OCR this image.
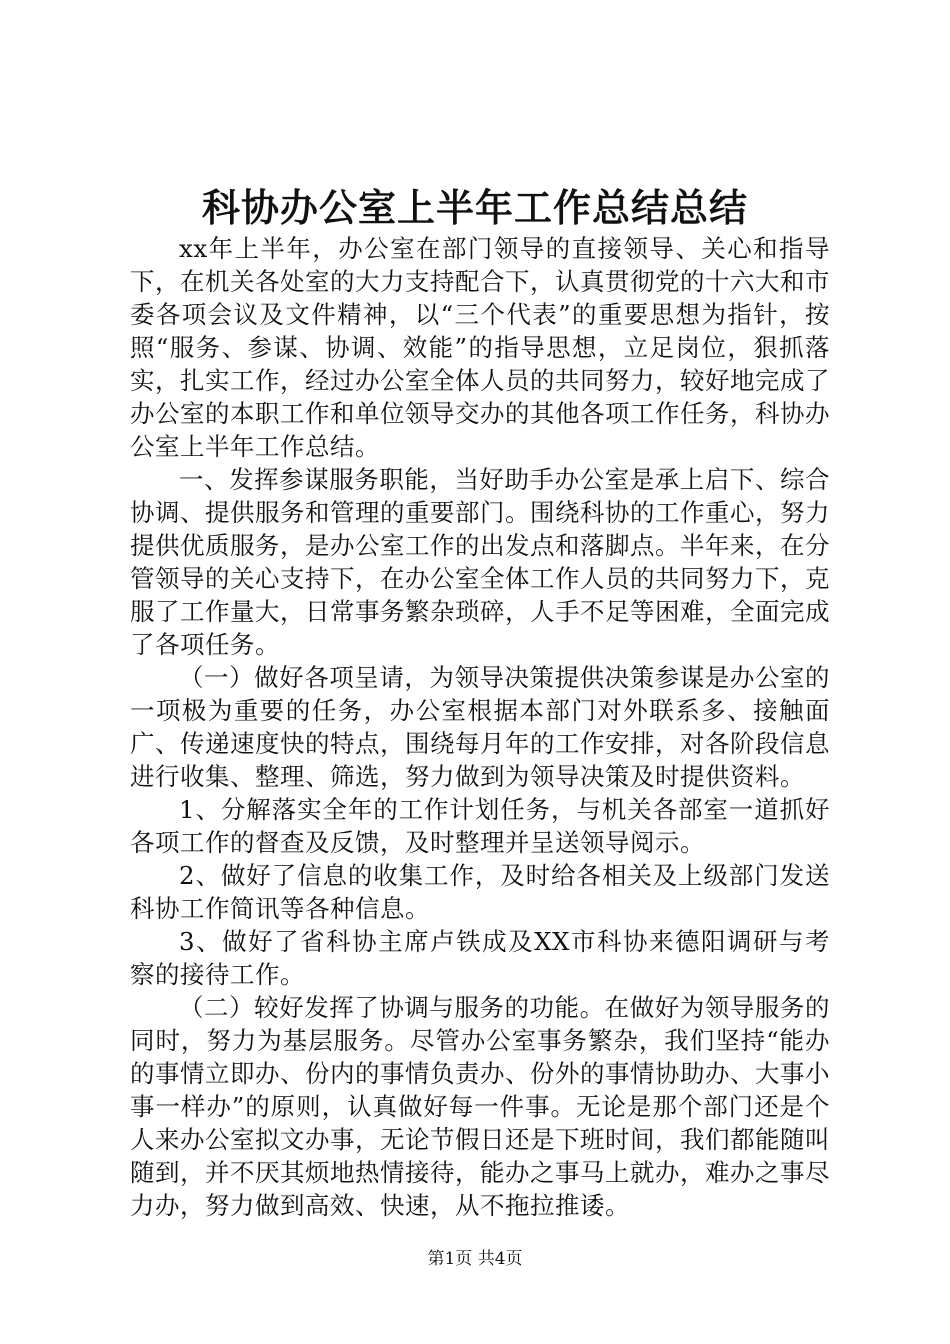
科协办公室上半年工作总结总结

xx年上半年，办公室在部门领导的直接领导、关心和指导下，在机关各处室的大力支持配合下，认真贯彻党的十六大和市委各项会议及文件精神，以“三个代表”的重要思想为指针，按照“服务、参谋、协调、效能”的指导思想，立足岗位，狠抓落实，扎实工作，经过办公室全体人员的共同努力，较好地完成了办公室的本职工作和单位领导交办的其他各项工作任务，科协办公室上半年工作总结。

一、发挥参谋服务职能，当好助手办公室是承上启下、综合协调、提供服务和管理的重要部门。围绕科协的工作重心，努力提供优质服务，是办公室工作的出发点和落脚点。半年来，在分管领导的关心支持下，在办公室全体工作人员的共同努力下，克服了工作量大，日常事务繁杂琐碎，人手不足等困难，全面完成了各项任务。

（一）做好各项呈请，为领导决策提供决策参谋是办公室的一项极为重要的任务，办公室根据本部门对外联系多、接触面广、传递速度快的特点，围绕每月年的工作安排，对各阶段信息进行收集、整理、筛选，努力做到为领导决策及时提供资料。

1、分解落实全年的工作计划任务，与机关各部室一道抓好各项工作的督查及反馈，及时整理并呈送领导阅示。

2、做好了信息的收集工作，及时给各相关及上级部门发送科协工作简讯等各种信息。

3、做好了省科协主席卢铁成及XX市科协来德阳调研与考察的接待工作。

（二）较好发挥了协调与服务的功能。在做好为领导服务的同时，努力为基层服务。尽管办公室事务繁杂，我们坚持“能办的事情立即办、份内的事情负责办、份外的事情协助办、大事小事一样办”的原则，认真做好每一件事。无论是那个部门还是个人来办公室拟文办事，无论节假日还是下班时间，我们都能随叫随到，并不厌其烦地热情接待，能办之事马上就办，难办之事尽力办，努力做到高效、快速，从不拖拉推诿。

第1页 共4页
